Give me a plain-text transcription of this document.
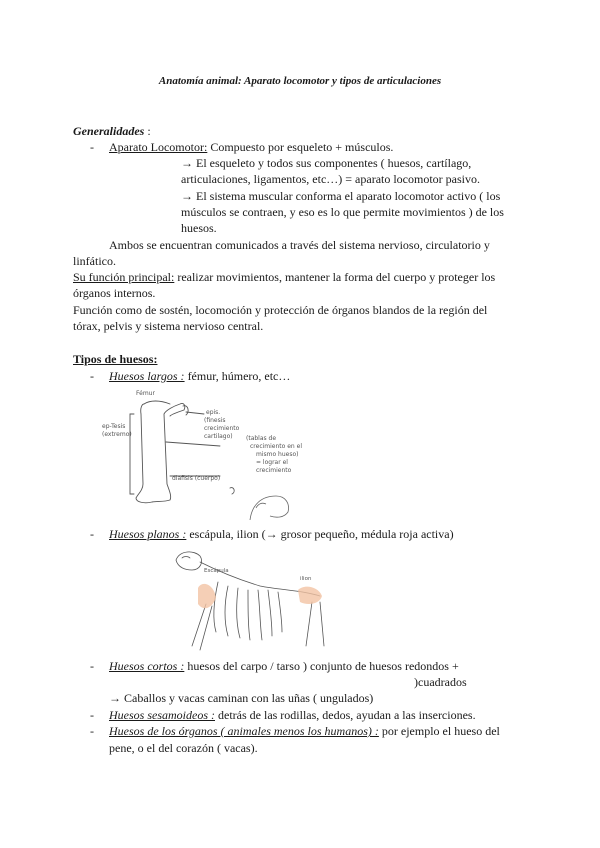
Anatomía animal: Aparato locomotor y tipos de articulaciones
Generalidades :
- Aparato Locomotor: Compuesto por esqueleto + músculos.
→ El esqueleto y todos sus componentes ( huesos, cartílago,
articulaciones, ligamentos, etc…) = aparato locomotor pasivo.
→ El sistema muscular conforma el aparato locomotor activo ( los
músculos se contraen, y eso es lo que permite movimientos ) de los
huesos.
Ambos se encuentran comunicados a través del sistema nervioso, circulatorio y
linfático.
Su función principal: realizar movimientos, mantener la forma del cuerpo y proteger los
órganos internos.
Función como de sostén, locomoción y protección de órganos blandos de la región del
tórax, pelvis y sistema nervioso central.
Tipos de huesos:
- Huesos largos : fémur, húmero, etc…
Fémur
ep-Tesis
(extremo)
epis.
(finesis
crecimiento
cartilago) (tablas de
crecimiento en el
mismo hueso)
= lograr el
crecimiento
diafisis (cuerpo)
- Huesos planos : escápula, ilion (→ grosor pequeño, médula roja activa)
Escápula
ilion
- Huesos cortos : huesos del carpo / tarso ) conjunto de huesos redondos +
)cuadrados
→ Caballos y vacas caminan con las uñas ( ungulados)
- Huesos sesamoideos : detrás de las rodillas, dedos, ayudan a las inserciones.
- Huesos de los órganos ( animales menos los humanos) : por ejemplo el hueso del
pene, o el del corazón ( vacas).
